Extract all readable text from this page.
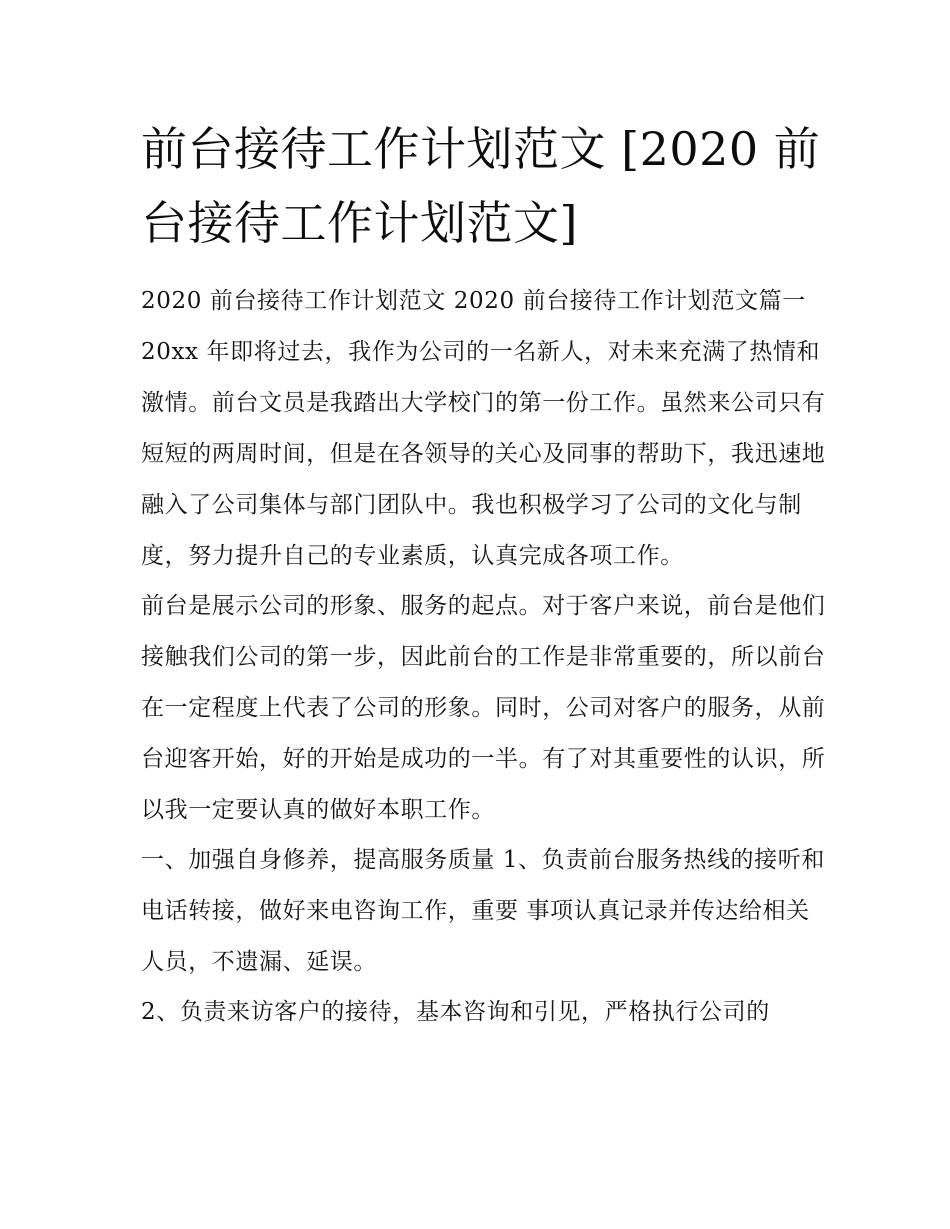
前台接待工作计划范文 [2020 前台接待工作计划范文]

2020 前台接待工作计划范文 2020 前台接待工作计划范文篇一 20xx 年即将过去，我作为公司的一名新人，对未来充满了热情和激情。前台文员是我踏出大学校门的第一份工作。虽然来公司只有短短的两周时间，但是在各领导的关心及同事的帮助下，我迅速地融入了公司集体与部门团队中。我也积极学习了公司的文化与制度，努力提升自己的专业素质，认真完成各项工作。

前台是展示公司的形象、服务的起点。对于客户来说，前台是他们接触我们公司的第一步，因此前台的工作是非常重要的，所以前台在一定程度上代表了公司的形象。同时，公司对客户的服务，从前台迎客开始，好的开始是成功的一半。有了对其重要性的认识，所以我一定要认真的做好本职工作。

一、加强自身修养，提高服务质量 1、负责前台服务热线的接听和电话转接，做好来电咨询工作，重要 事项认真记录并传达给相关人员，不遗漏、延误。

2、负责来访客户的接待，基本咨询和引见，严格执行公司的
